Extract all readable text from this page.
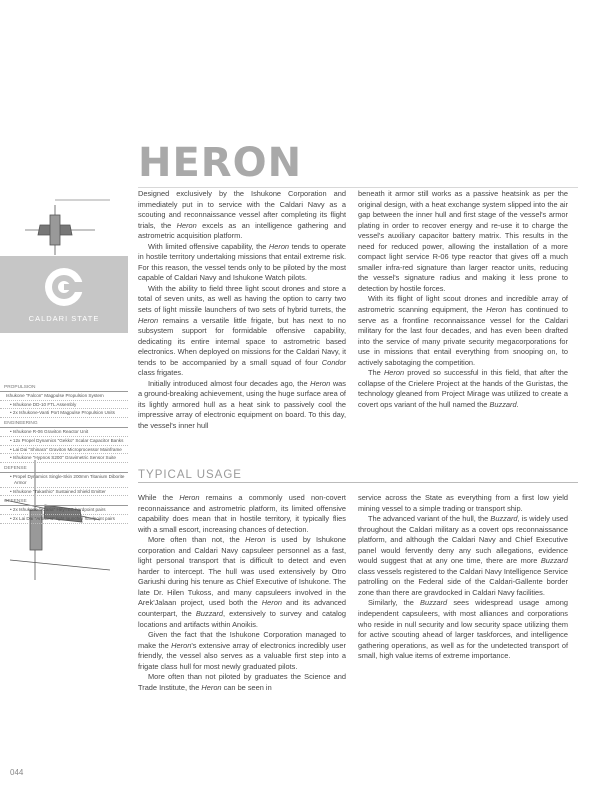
CALDARI STATE
PROPULSION
Ishukone "Falcon" Magpulse Propulsion System
• Ishukone DD-10 FTL Assembly
• 2x Ishukone-Vanti Port Magpulse Propulsion Units
ENGINEERING
• Ishukone R-06 Graviton Reactor Unit
• 12x Propel Dynamics "Gekko" Scalar Capacitor Banks
• Lai Dai "Shinara" Graviton Microprocessor Mainframe
• Ishukone "Hypnos S200" Gravimetric Sensor Suite
DEFENSE
• Propel Dynamics Single-Skin 200mm Titanium Diborite Armor
• Ishukone "Takashio" Sustained Shield Emitter
OFFENSE
• 2x Ishukone "Azaria" HeyTEC hardpoint pairs
• 2x Lai Dai "Arbalest" light launcher hardpoint pairs
HERON

Designed exclusively by the Ishukone Corporation and immediately put in to service with the Caldari Navy as a scouting and reconnaissance vessel after completing its flight trials, the Heron excels as an intelligence gathering and astrometric acquisition platform.

With limited offensive capability, the Heron tends to operate in hostile territory undertaking missions that entail extreme risk. For this reason, the vessel tends only to be piloted by the most capable of Caldari Navy and Ishukone Watch pilots.

With the ability to field three light scout drones and store a total of seven units, as well as having the option to carry two sets of light missile launchers of two sets of hybrid turrets, the Heron remains a versatile little frigate, but has next to no subsystem support for formidable offensive capability, dedicating its entire internal space to astrometric based electronics. When deployed on missions for the Caldari Navy, it tends to be accompanied by a small squad of four Condor class frigates.

Initially introduced almost four decades ago, the Heron was a ground-breaking achievement, using the huge surface area of its lightly armored hull as a heat sink to passively cool the impressive array of electronic equipment on board. To this day, the vessel's inner hull

beneath it armor still works as a passive heatsink as per the original design, with a heat exchange system slipped into the air gap between the inner hull and first stage of the vessel's armor plating in order to recover energy and re-use it to charge the vessel's auxiliary capacitor battery matrix. This results in the need for reduced power, allowing the installation of a more compact light service R-06 type reactor that gives off a much smaller infra-red signature than larger reactor units, reducing the vessel's signature radius and making it less prone to detection by hostile forces.

With its flight of light scout drones and incredible array of astrometric scanning equipment, the Heron has continued to serve as a frontline reconnaissance vessel for the Caldari military for the last four decades, and has even been drafted into the service of many private security megacorporations for use in missions that entail everything from snooping on, to actively sabotaging the competition.

The Heron proved so successful in this field, that after the collapse of the Crielere Project at the hands of the Guristas, the technology gleaned from Project Mirage was utilized to create a covert ops variant of the hull named the Buzzard.

TYPICAL USAGE

While the Heron remains a commonly used non-covert reconnaissance and astrometric platform, its limited offensive capability does mean that in hostile territory, it typically flies with a small escort, increasing chances of detection.

More often than not, the Heron is used by Ishukone corporation and Caldari Navy capsuleer personnel as a fast, light personal transport that is difficult to detect and even harder to intercept. The hull was used extensively by Otro Gariushi during his tenure as Chief Executive of Ishukone. The late Dr. Hilen Tukoss, and many capsuleers involved in the Arek'Jalaan project, used both the Heron and its advanced counterpart, the Buzzard, extensively to survey and catalog locations and artifacts within Anoikis.

Given the fact that the Ishukone Corporation managed to make the Heron's extensive array of electronics incredibly user friendly, the vessel also serves as a valuable first step into a frigate class hull for most newly graduated pilots.

More often than not piloted by graduates the Science and Trade Institute, the Heron can be seen in

service across the State as everything from a first low yield mining vessel to a simple trading or transport ship.

The advanced variant of the hull, the Buzzard, is widely used throughout the Caldari military as a covert ops reconnaissance platform, and although the Caldari Navy and Chief Executive panel would fervently deny any such allegations, evidence would suggest that at any one time, there are more Buzzard class vessels registered to the Caldari Navy Intelligence Service patrolling on the Federal side of the Caldari-Gallente border zone than there are gravdocked in Caldari Navy facilities.

Similarly, the Buzzard sees widespread usage among independent capsuleers, with most alliances and corporations who reside in null security and low security space utilizing them for active scouting ahead of larger taskforces, and intelligence gathering operations, as well as for the undetected transport of small, high value items of extreme importance.

044
